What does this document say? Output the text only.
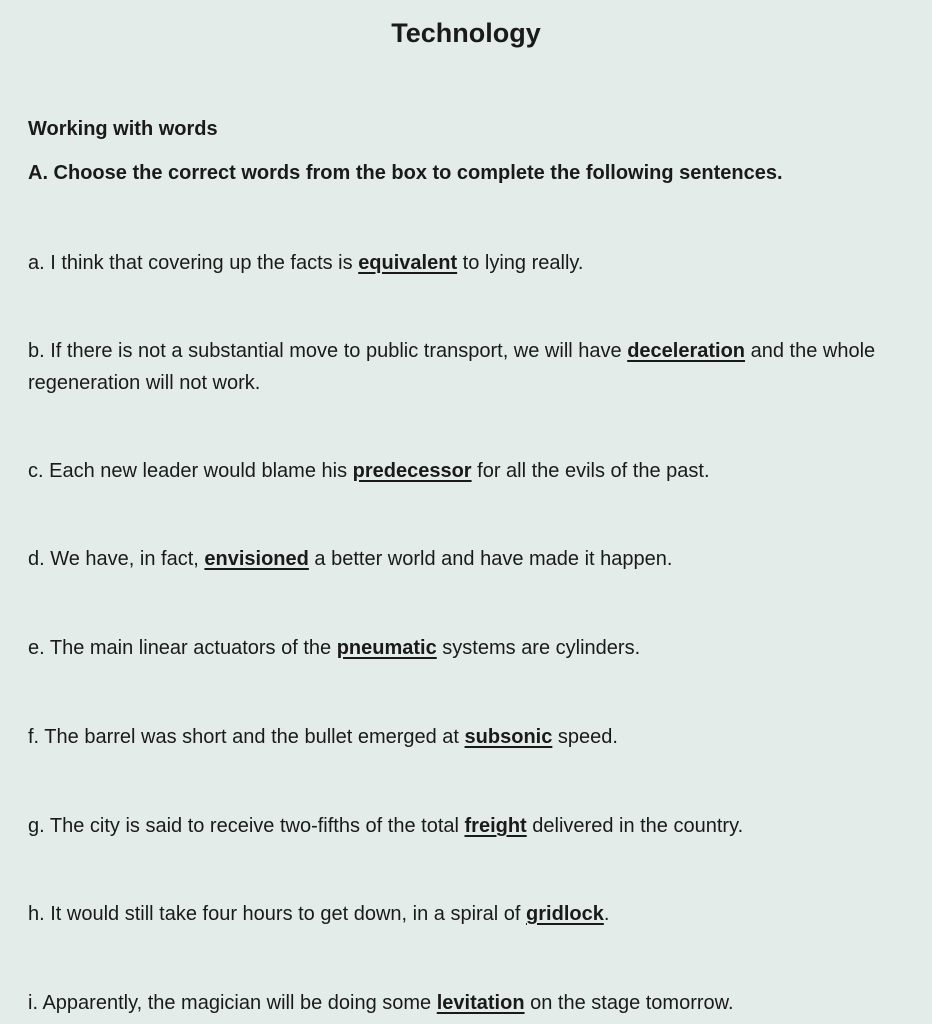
Technology

Working with words

A. Choose the correct words from the box to complete the following sentences.

a. I think that covering up the facts is equivalent to lying really.

b. If there is not a substantial move to public transport, we will have deceleration and the whole regeneration will not work.

c. Each new leader would blame his predecessor for all the evils of the past.

d. We have, in fact, envisioned a better world and have made it happen.

e. The main linear actuators of the pneumatic systems are cylinders.

f. The barrel was short and the bullet emerged at subsonic speed.

g. The city is said to receive two-fifths of the total freight delivered in the country.

h. It would still take four hours to get down, in a spiral of gridlock.

i. Apparently, the magician will be doing some levitation on the stage tomorrow.
